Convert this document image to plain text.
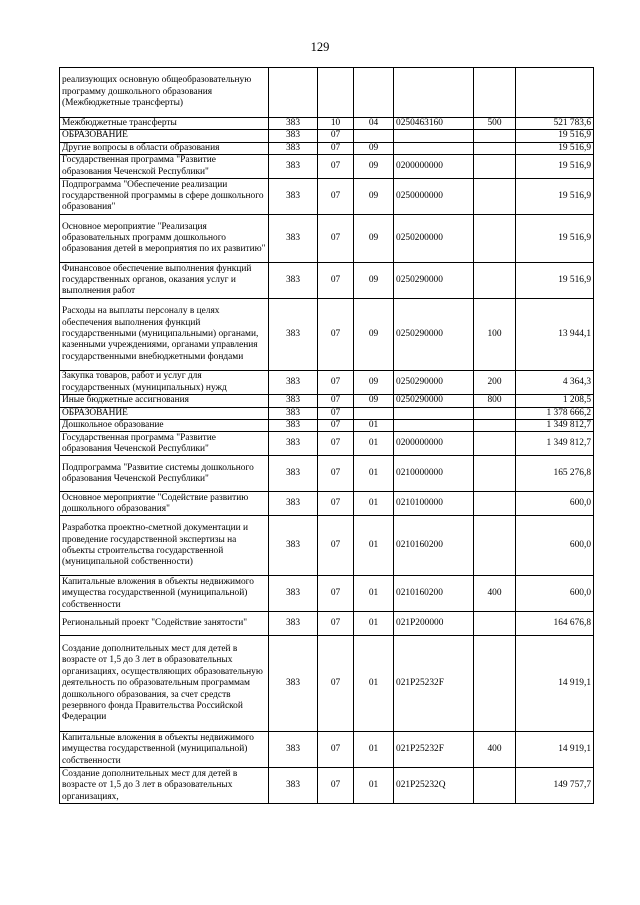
129
реализующих основную общеобразовательную программу дошкольного образования (Межбюджетные трансферты)						
Межбюджетные трансферты	383	10	04	0250463160	500	521 783,6
ОБРАЗОВАНИЕ	383	07				19 516,9
Другие вопросы в области образования	383	07	09			19 516,9
Государственная программа "Развитие образования Чеченской Республики"	383	07	09	0200000000		19 516,9
Подпрограмма "Обеспечение реализации государственной программы в сфере дошкольного образования"	383	07	09	0250000000		19 516,9
Основное мероприятие "Реализация образовательных программ дошкольного образования детей в мероприятия по их развитию"	383	07	09	0250200000		19 516,9
Финансовое обеспечение выполнения функций государственных органов, оказания услуг и выполнения работ	383	07	09	0250290000		19 516,9
Расходы на выплаты персоналу в целях обеспечения выполнения функций государственными (муниципальными) органами, казенными учреждениями, органами управления государственными внебюджетными фондами	383	07	09	0250290000	100	13 944,1
Закупка товаров, работ и услуг для государственных (муниципальных) нужд	383	07	09	0250290000	200	4 364,3
Иные бюджетные ассигнования	383	07	09	0250290000	800	1 208,5
ОБРАЗОВАНИЕ	383	07				1 378 666,2
Дошкольное образование	383	07	01			1 349 812,7
Государственная программа "Развитие образования Чеченской Республики"	383	07	01	0200000000		1 349 812,7
Подпрограмма "Развитие системы дошкольного образования Чеченской Республики"	383	07	01	0210000000		165 276,8
Основное мероприятие "Содействие развитию дошкольного образования"	383	07	01	0210100000		600,0
Разработка проектно-сметной документации и проведение государственной экспертизы на объекты строительства государственной (муниципальной собственности)	383	07	01	0210160200		600,0
Капитальные вложения в объекты недвижимого имущества государственной (муниципальной) собственности	383	07	01	0210160200	400	600,0
Региональный проект "Содействие занятости"	383	07	01	021P200000		164 676,8
Создание дополнительных мест для детей в возрасте от 1,5 до 3 лет в образовательных организациях, осуществляющих образовательную деятельность по образовательным программам дошкольного образования, за счет средств резервного фонда Правительства Российской Федерации	383	07	01	021P25232F		14 919,1
Капитальные вложения в объекты недвижимого имущества государственной (муниципальной) собственности	383	07	01	021P25232F	400	14 919,1
Создание дополнительных мест для детей в возрасте от 1,5 до 3 лет в образовательных организациях,	383	07	01	021P25232Q		149 757,7
